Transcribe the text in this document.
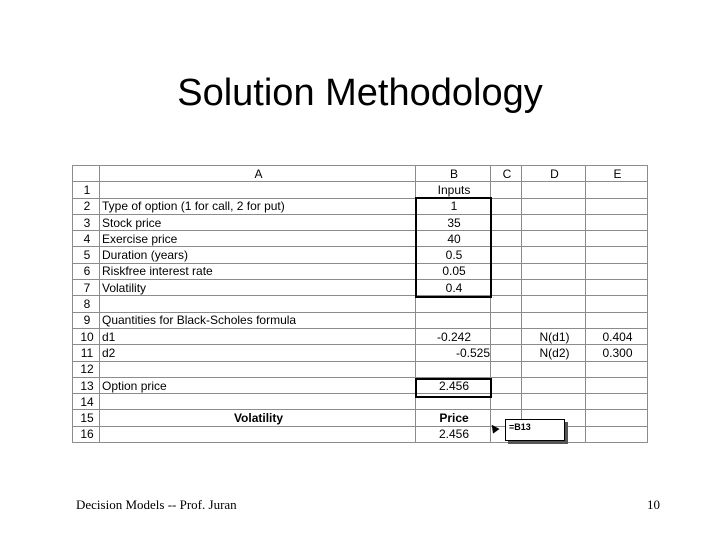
Solution Methodology
	A	B	C	D	E
1		Inputs			
2	Type of option (1 for call, 2 for put)	1			
3	Stock price	35			
4	Exercise price	40			
5	Duration (years)	0.5			
6	Riskfree interest rate	0.05			
7	Volatility	0.4			
8					
9	Quantities for Black-Scholes formula				
10	d1	-0.242		N(d1)	0.404
11	d2	-0.525		N(d2)	0.300
12					
13	Option price	2.456			
14					
15	Volatility	Price			
16		2.456			
=B13
Decision Models -- Prof. Juran	10
